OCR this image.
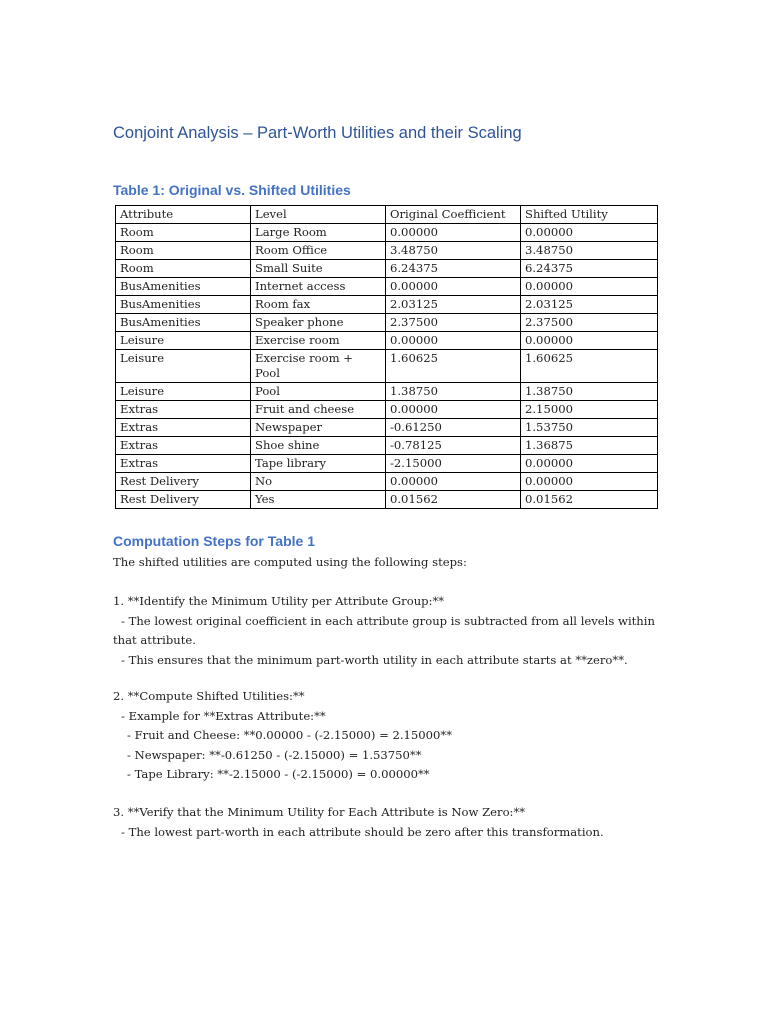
Conjoint Analysis – Part-Worth Utilities and their Scaling
Table 1: Original vs. Shifted Utilities
Attribute	Level	Original Coefficient	Shifted Utility
Room	Large Room	0.00000	0.00000
Room	Room Office	3.48750	3.48750
Room	Small Suite	6.24375	6.24375
BusAmenities	Internet access	0.00000	0.00000
BusAmenities	Room fax	2.03125	2.03125
BusAmenities	Speaker phone	2.37500	2.37500
Leisure	Exercise room	0.00000	0.00000
Leisure	Exercise room + Pool	1.60625	1.60625
Leisure	Pool	1.38750	1.38750
Extras	Fruit and cheese	0.00000	2.15000
Extras	Newspaper	-0.61250	1.53750
Extras	Shoe shine	-0.78125	1.36875
Extras	Tape library	-2.15000	0.00000
Rest Delivery	No	0.00000	0.00000
Rest Delivery	Yes	0.01562	0.01562
Computation Steps for Table 1
The shifted utilities are computed using the following steps:
1. **Identify the Minimum Utility per Attribute Group:**
- The lowest original coefficient in each attribute group is subtracted from all levels within that attribute.
- This ensures that the minimum part-worth utility in each attribute starts at **zero**.
2. **Compute Shifted Utilities:**
- Example for **Extras Attribute:**
- Fruit and Cheese: **0.00000 - (-2.15000) = 2.15000**
- Newspaper: **-0.61250 - (-2.15000) = 1.53750**
- Tape Library: **-2.15000 - (-2.15000) = 0.00000**
3. **Verify that the Minimum Utility for Each Attribute is Now Zero:**
- The lowest part-worth in each attribute should be zero after this transformation.
